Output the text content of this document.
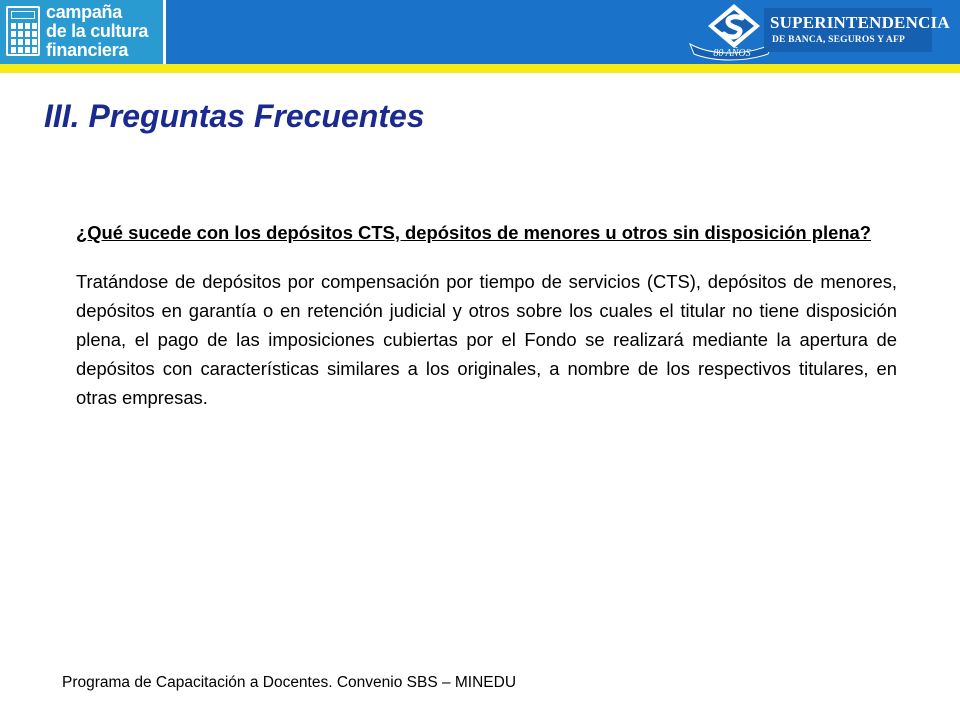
campaña
de la cultura
financiera	80 AÑOS
SUPERINTENDENCIA
DE BANCA, SEGUROS Y AFP
III. Preguntas Frecuentes

¿Qué sucede con los depósitos CTS, depósitos de menores u otros sin disposición plena?

Tratándose de depósitos por compensación por tiempo de servicios (CTS), depósitos de menores, depósitos en garantía o en retención judicial y otros sobre los cuales el titular no tiene disposición plena, el pago de las imposiciones cubiertas por el Fondo se realizará mediante la apertura de depósitos con características similares a los originales, a nombre de los respectivos titulares, en otras empresas.

Programa de Capacitación a Docentes. Convenio SBS – MINEDU
